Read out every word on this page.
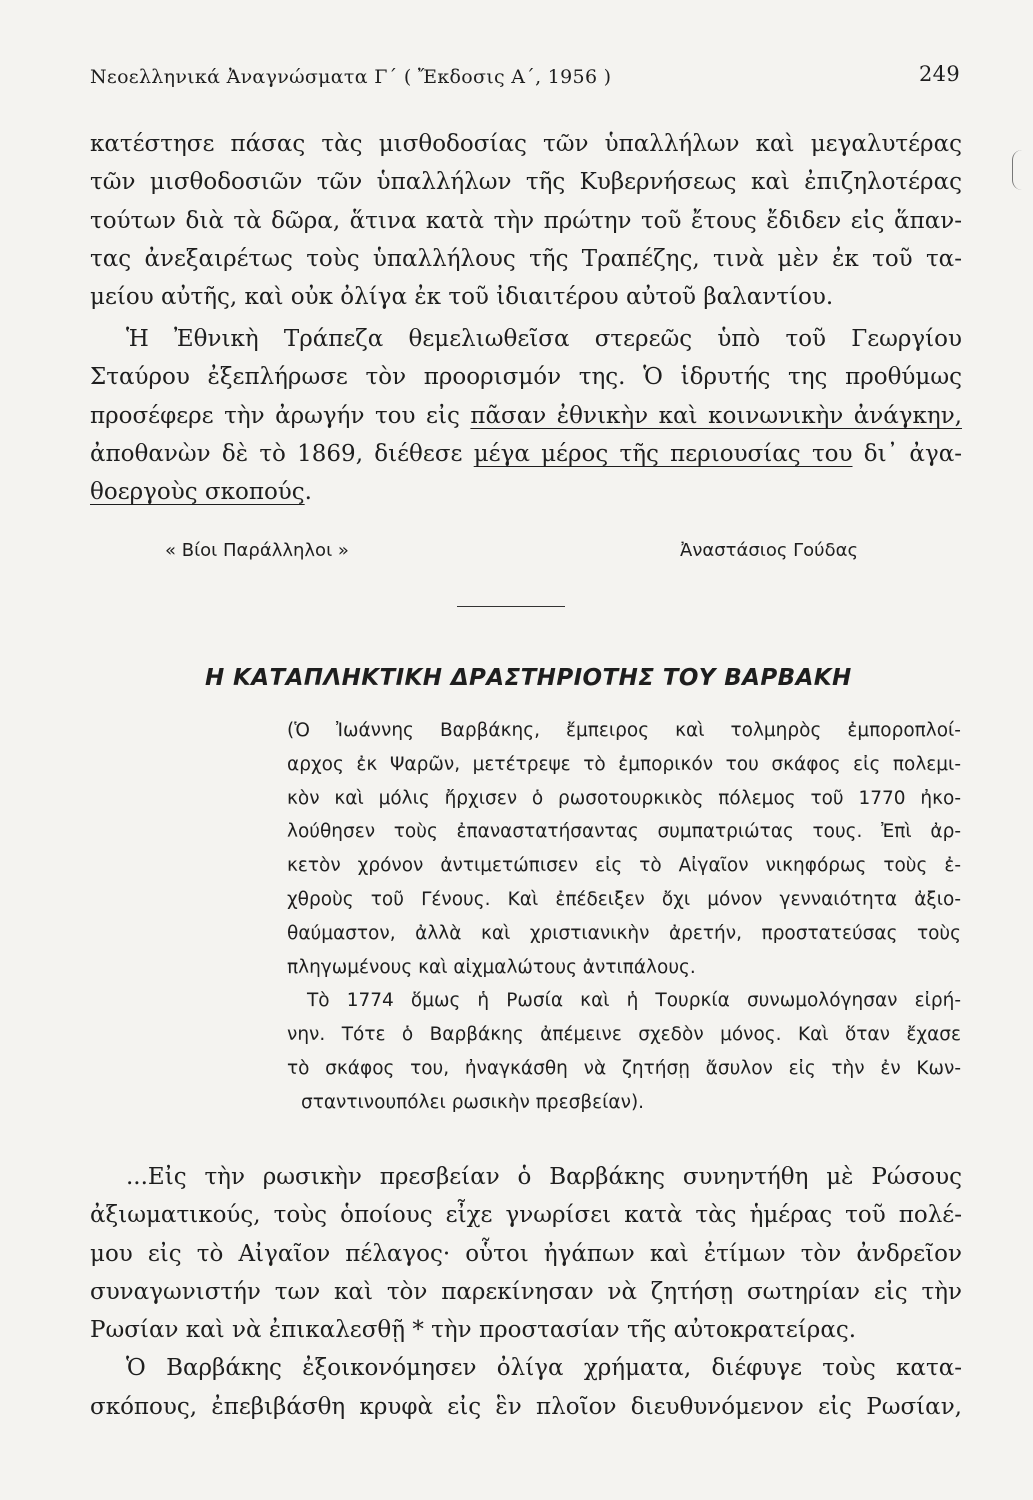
Νεοελληνικά Ἀναγνώσματα Γ΄ ( Ἔκδοσις Α΄, 1956 )	249
κατέστησε πάσας τὰς μισθοδοσίας τῶν ὑπαλλήλων καὶ μεγαλυτέρας
τῶν μισθοδοσιῶν τῶν ὑπαλλήλων τῆς Κυβερνήσεως καὶ ἐπιζηλοτέρας
τούτων διὰ τὰ δῶρα, ἅτινα κατὰ τὴν πρώτην τοῦ ἔτους ἔδιδεν εἰς ἅπαν-
τας ἀνεξαιρέτως τοὺς ὑπαλλήλους τῆς Τραπέζης, τινὰ μὲν ἐκ τοῦ τα-
μείου αὐτῆς, καὶ οὐκ ὀλίγα ἐκ τοῦ ἰδιαιτέρου αὐτοῦ βαλαντίου.
Ἡ Ἐθνικὴ Τράπεζα θεμελιωθεῖσα στερεῶς ὑπὸ τοῦ Γεωργίου
Σταύρου ἐξεπλήρωσε τὸν προορισμόν της. Ὁ ἱδρυτής της προθύμως
προσέφερε τὴν ἀρωγήν του εἰς πᾶσαν ἐθνικὴν καὶ κοινωνικὴν ἀνάγκην,
ἀποθανὼν δὲ τὸ 1869, διέθεσε μέγα μέρος τῆς περιουσίας του δι᾿ ἀγα-
θοεργοὺς σκοπούς.
« Βίοι Παράλληλοι »	Ἀναστάσιος Γούδας
Η ΚΑΤΑΠΛΗΚΤΙΚΗ ΔΡΑΣΤΗΡΙΟΤΗΣ ΤΟΥ ΒΑΡΒΑΚΗ
(Ὁ Ἰωάννης Βαρβάκης, ἔμπειρος καὶ τολμηρὸς ἐμποροπλοί-
αρχος ἐκ Ψαρῶν, μετέτρεψε τὸ ἐμπορικόν του σκάφος εἰς πολεμι-
κὸν καὶ μόλις ἤρχισεν ὁ ρωσοτουρκικὸς πόλεμος τοῦ 1770 ἠκο-
λούθησεν τοὺς ἐπαναστατήσαντας συμπατριώτας τους. Ἐπὶ ἀρ-
κετὸν χρόνον ἀντιμετώπισεν εἰς τὸ Αἰγαῖον νικηφόρως τοὺς ἐ-
χθροὺς τοῦ Γένους. Καὶ ἐπέδειξεν ὄχι μόνον γενναιότητα ἀξιο-
θαύμαστον, ἀλλὰ καὶ χριστιανικὴν ἀρετήν, προστατεύσας τοὺς
πληγωμένους καὶ αἰχμαλώτους ἀντιπάλους.
Τὸ 1774 ὅμως ἡ Ρωσία καὶ ἡ Τουρκία συνωμολόγησαν εἰρή-
νην. Τότε ὁ Βαρβάκης ἀπέμεινε σχεδὸν μόνος. Καὶ ὅταν ἔχασε
τὸ σκάφος του, ἠναγκάσθη νὰ ζητήσῃ ἄσυλον εἰς τὴν ἐν Κων-
σταντινουπόλει ρωσικὴν πρεσβείαν).
...Εἰς τὴν ρωσικὴν πρεσβείαν ὁ Βαρβάκης συνηντήθη μὲ Ρώσους
ἀξιωματικούς, τοὺς ὁποίους εἶχε γνωρίσει κατὰ τὰς ἡμέρας τοῦ πολέ-
μου εἰς τὸ Αἰγαῖον πέλαγος· οὗτοι ἠγάπων καὶ ἐτίμων τὸν ἀνδρεῖον
συναγωνιστήν των καὶ τὸν παρεκίνησαν νὰ ζητήσῃ σωτηρίαν εἰς τὴν
Ρωσίαν καὶ νὰ ἐπικαλεσθῇ * τὴν προστασίαν τῆς αὐτοκρατείρας.
Ὁ Βαρβάκης ἐξοικονόμησεν ὀλίγα χρήματα, διέφυγε τοὺς κατα-
σκόπους, ἐπεβιβάσθη κρυφὰ εἰς ἓν πλοῖον διευθυνόμενον εἰς Ρωσίαν,
